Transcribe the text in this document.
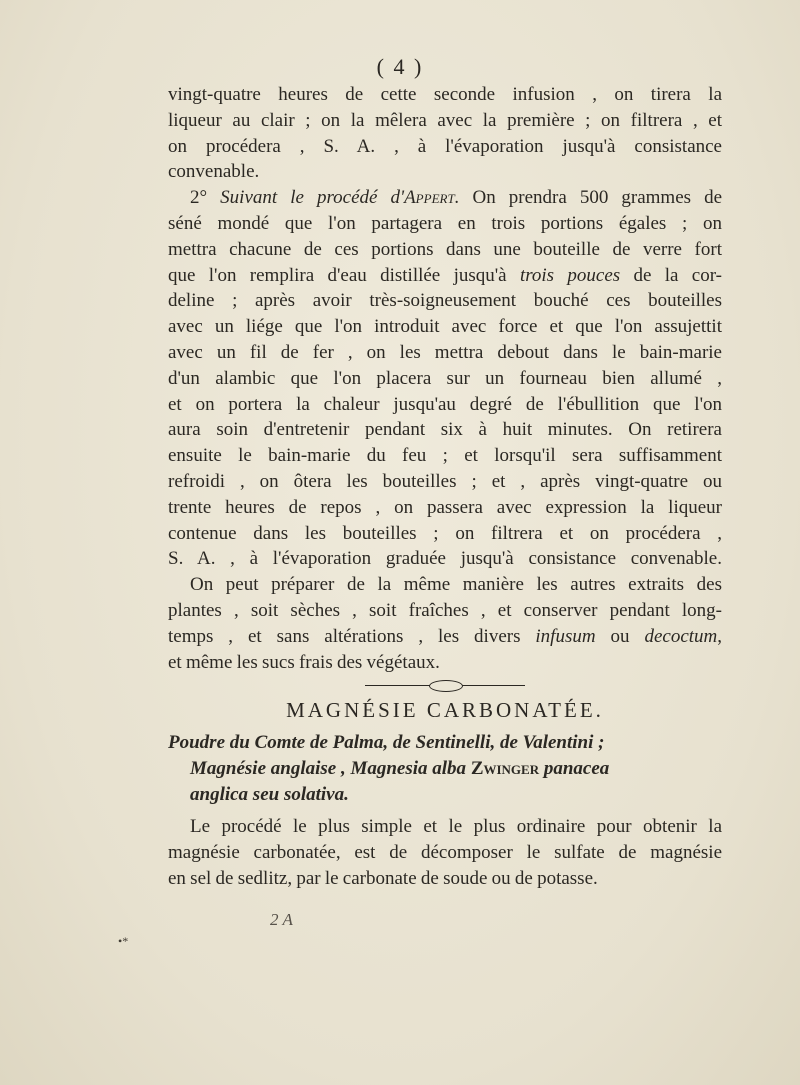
( 4 )

vingt-quatre heures de cette seconde infusion , on tirera la

liqueur au clair ; on la mêlera avec la première ; on filtrera , et

on procédera , S. A. , à l'évaporation jusqu'à consistance

convenable.

2° Suivant le procédé d'Appert. On prendra 500 grammes de

séné mondé que l'on partagera en trois portions égales ; on

mettra chacune de ces portions dans une bouteille de verre fort

que l'on remplira d'eau distillée jusqu'à trois pouces de la cor-

deline ; après avoir très-soigneusement bouché ces bouteilles

avec un liége que l'on introduit avec force et que l'on assujettit

avec un fil de fer , on les mettra debout dans le bain-marie

d'un alambic que l'on placera sur un fourneau bien allumé ,

et on portera la chaleur jusqu'au degré de l'ébullition que l'on

aura soin d'entretenir pendant six à huit minutes. On retirera

ensuite le bain-marie du feu ; et lorsqu'il sera suffisamment

refroidi , on ôtera les bouteilles ; et , après vingt-quatre ou

trente heures de repos , on passera avec expression la liqueur

contenue dans les bouteilles ; on filtrera et on procédera ,

S. A. , à l'évaporation graduée jusqu'à consistance convenable.

On peut préparer de la même manière les autres extraits des

plantes , soit sèches , soit fraîches , et conserver pendant long-

temps , et sans altérations , les divers infusum ou decoctum,

et même les sucs frais des végétaux.

MAGNÉSIE CARBONATÉE.
Poudre du Comte de Palma, de Sentinelli, de Valentini ;
Magnésie anglaise , Magnesia alba Zwinger panacea
anglica seu solativa.

Le procédé le plus simple et le plus ordinaire pour obtenir la

magnésie carbonatée, est de décomposer le sulfate de magnésie

en sel de sedlitz, par le carbonate de soude ou de potasse.

2 A
•*
